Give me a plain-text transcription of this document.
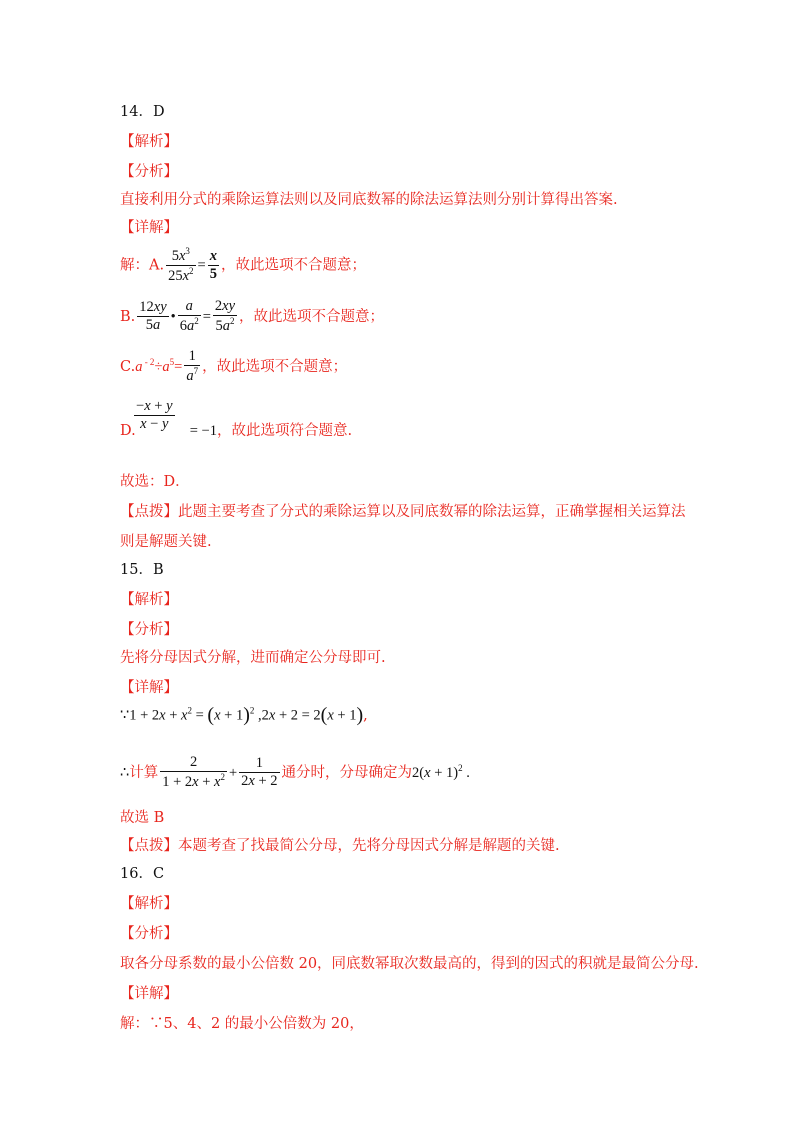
14．D
【解析】
【分析】
直接利用分式的乘除运算法则以及同底数幂的除法运算法则分别计算得出答案.
【详解】
解：A. $\frac{5x^3}{25x^2} = \frac{x}{5}$ ，故此选项不合题意；
B. $\frac{12xy}{5a}$ • $\frac{a}{6a^2} = \frac{2xy}{5a^2}$ ，故此选项不合题意；
C.a $^{- 2}\div a^5= \frac{1}{a^7}$ ，故此选项不合题意；
$\frac{-x + y}{x - y}$
D.	= −1，故此选项符合题意.
故选：D．
【点拨】此题主要考查了分式的乘除运算以及同底数幂的除法运算，正确掌握相关运算法
则是解题关键.
15．B
【解析】
【分析】
先将分母因式分解，进而确定公分母即可.
【详解】
∵1 + $2x + x^2 = (x + 1)^2$ ,2x + 2 = 2(x + 1),
∴计算 $\frac{2}{1 + 2x + x^2} + \frac{1}{2x + 2}$ 通分时，分母确定为$2(x + 1)^2$ .
故选 B
【点拨】本题考查了找最简公分母，先将分母因式分解是解题的关键.
16．C
【解析】
【分析】
取各分母系数的最小公倍数 20，同底数幂取次数最高的，得到的因式的积就是最简公分母.
【详解】
解：∵5、4、2 的最小公倍数为 20，
